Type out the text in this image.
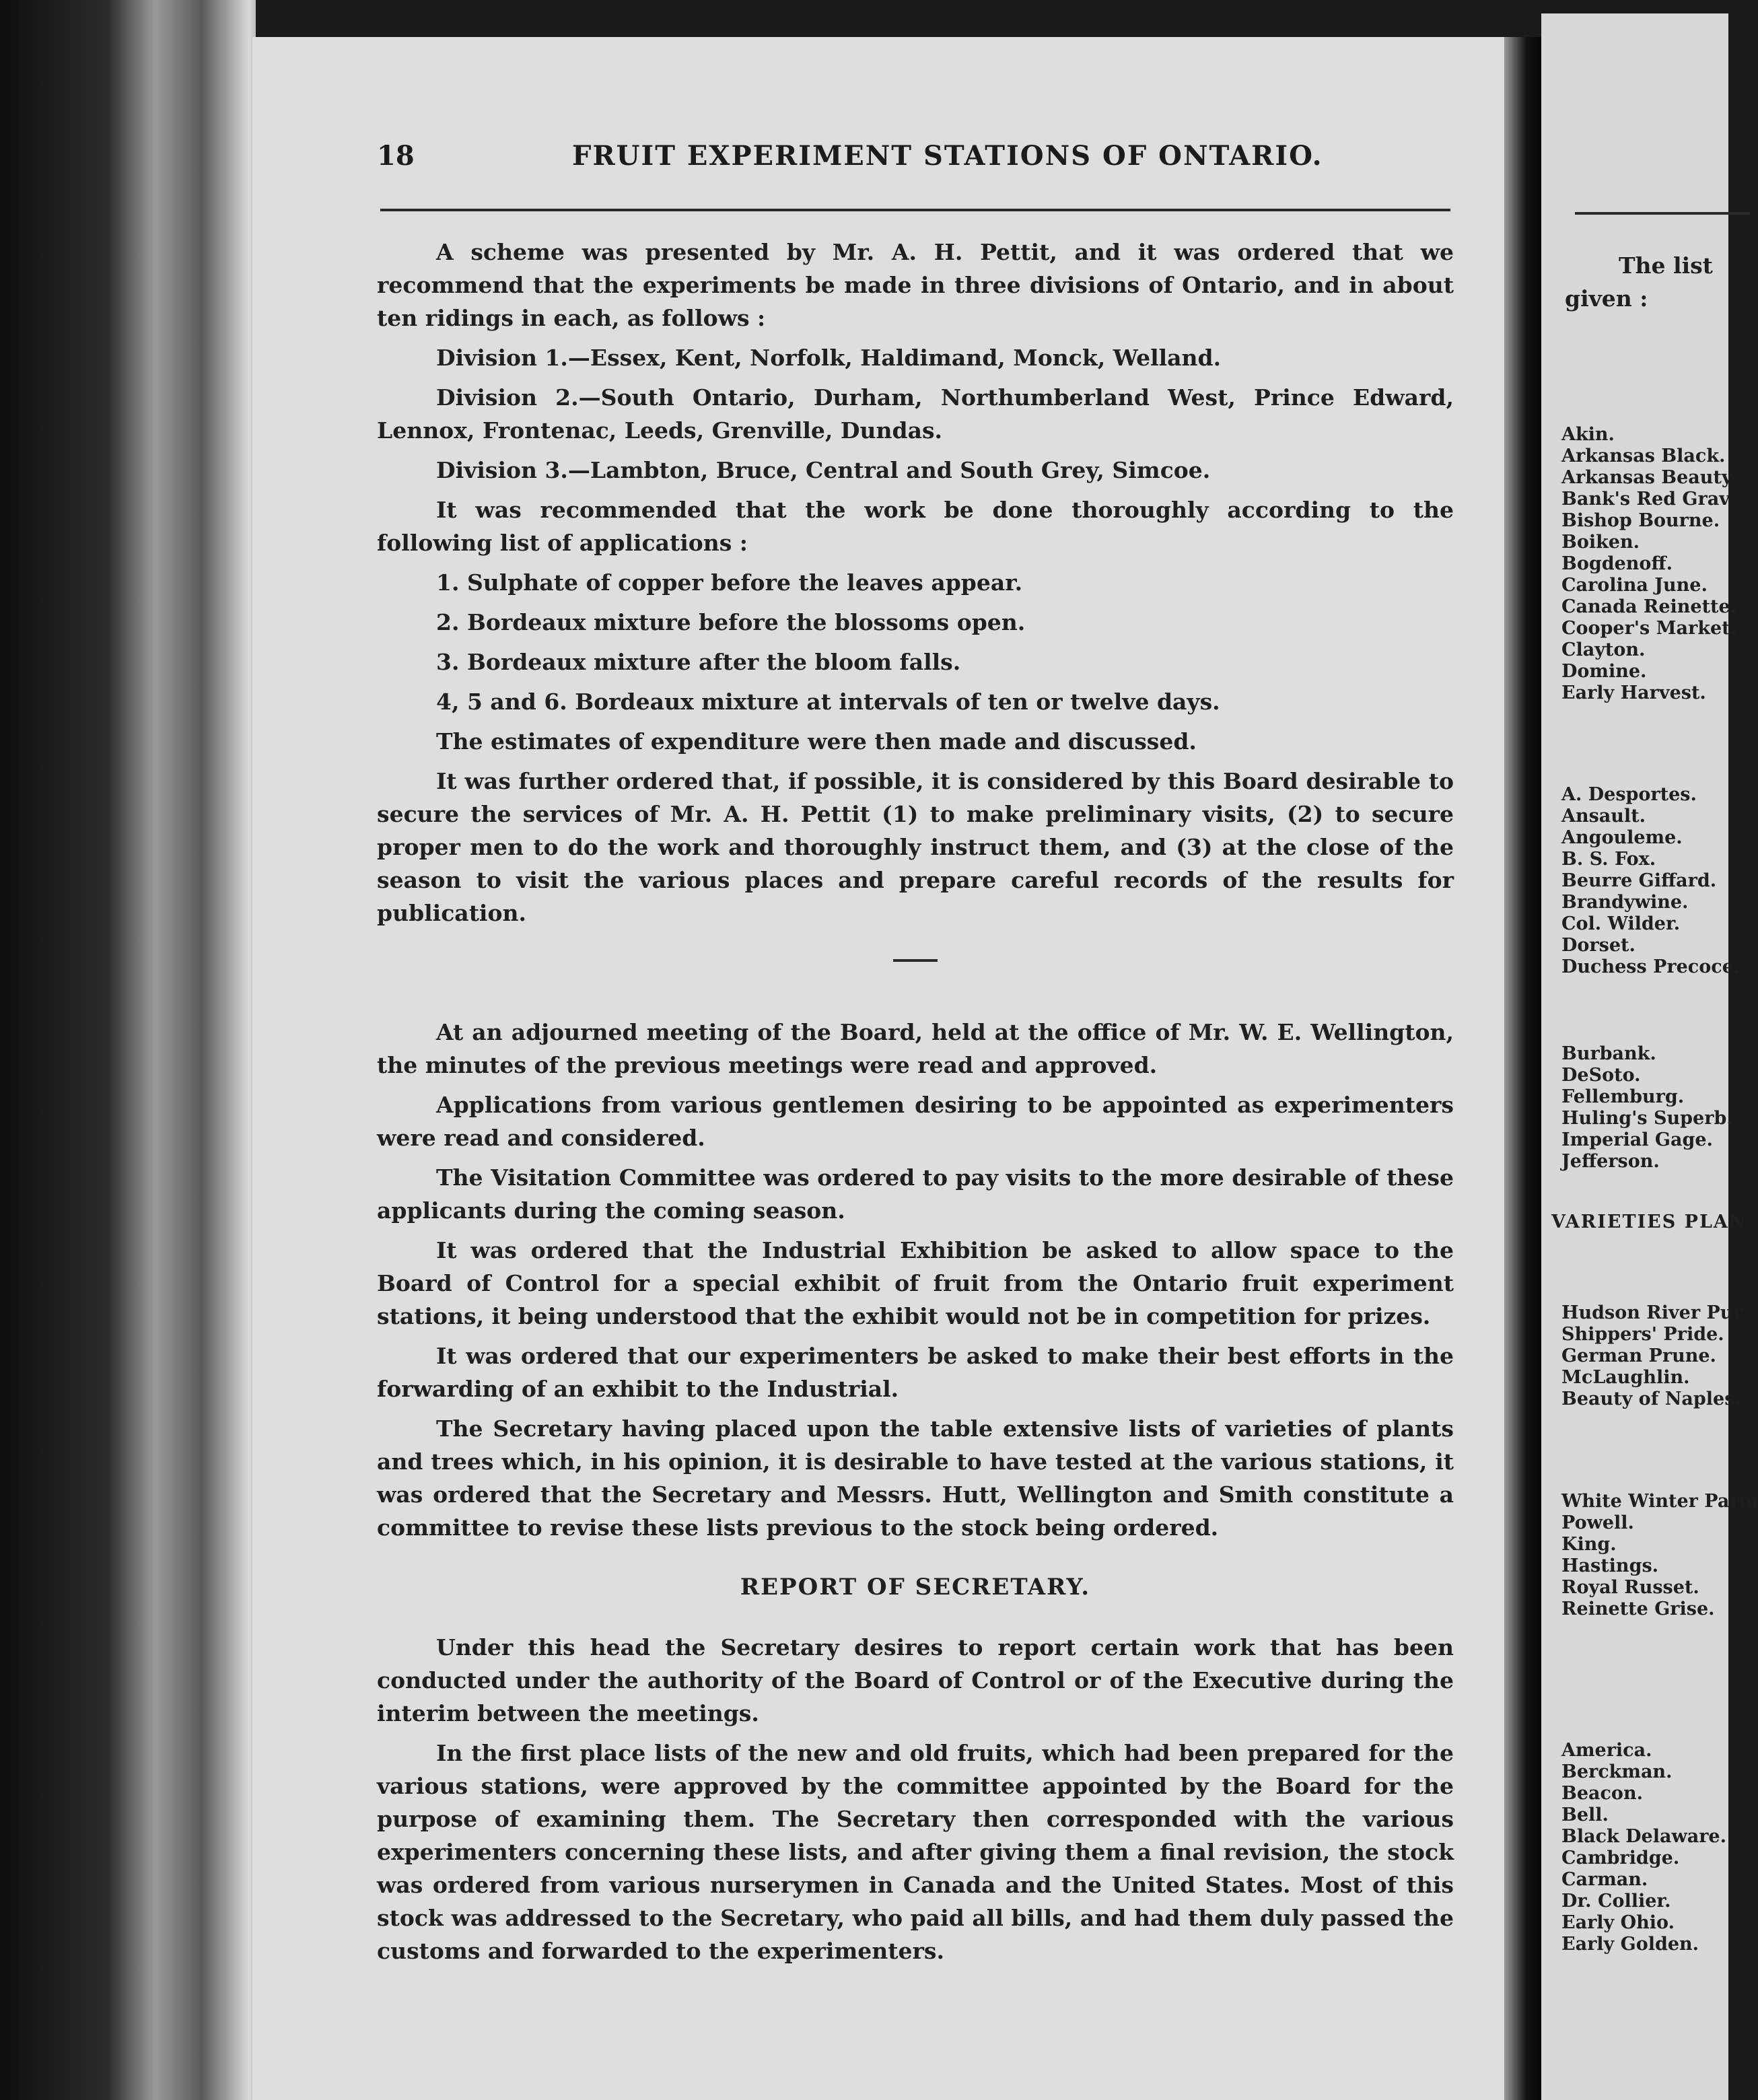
The list
given :
Akin.
Arkansas Black.
Arkansas Beauty
Bank's Red Grav
Bishop Bourne.
Boiken.
Bogdenoff.
Carolina June.
Canada Reinette.
Cooper's Market.
Clayton.
Domine.
Early Harvest.
A. Desportes.
Ansault.
Angouleme.
B. S. Fox.
Beurre Giffard.
Brandywine.
Col. Wilder.
Dorset.
Duchess Precoce.
Burbank.
DeSoto.
Fellemburg.
Huling's Superb.
Imperial Gage.
Jefferson.
VARIETIES PLAN
Hudson River Pur
Shippers' Pride.
German Prune.
McLaughlin.
Beauty of Naples.
White Winter Parm
Powell.
King.
Hastings.
Royal Russet.
Reinette Grise.
America.
Berckman.
Beacon.
Bell.
Black Delaware.
Cambridge.
Carman.
Dr. Collier.
Early Ohio.
Early Golden.
18	FRUIT EXPERIMENT STATIONS OF ONTARIO.

A scheme was presented by Mr. A. H. Pettit, and it was ordered that we recommend that the experiments be made in three divisions of Ontario, and in about ten ridings in each, as follows :

Division 1.—Essex, Kent, Norfolk, Haldimand, Monck, Welland.

Division 2.—South Ontario, Durham, Northumberland West, Prince Edward, Lennox, Frontenac, Leeds, Grenville, Dundas.

Division 3.—Lambton, Bruce, Central and South Grey, Simcoe.

It was recommended that the work be done thoroughly according to the following list of applications :

1. Sulphate of copper before the leaves appear.

2. Bordeaux mixture before the blossoms open.

3. Bordeaux mixture after the bloom falls.

4, 5 and 6. Bordeaux mixture at intervals of ten or twelve days.

The estimates of expenditure were then made and discussed.

It was further ordered that, if possible, it is considered by this Board desirable to secure the services of Mr. A. H. Pettit (1) to make preliminary visits, (2) to secure proper men to do the work and thoroughly instruct them, and (3) at the close of the season to visit the various places and prepare careful records of the results for publication.

At an adjourned meeting of the Board, held at the office of Mr. W. E. Wellington, the minutes of the previous meetings were read and approved.

Applications from various gentlemen desiring to be appointed as experimenters were read and considered.

The Visitation Committee was ordered to pay visits to the more desirable of these applicants during the coming season.

It was ordered that the Industrial Exhibition be asked to allow space to the Board of Control for a special exhibit of fruit from the Ontario fruit experiment stations, it being understood that the exhibit would not be in competition for prizes.

It was ordered that our experimenters be asked to make their best efforts in the forwarding of an exhibit to the Industrial.

The Secretary having placed upon the table extensive lists of varieties of plants and trees which, in his opinion, it is desirable to have tested at the various stations, it was ordered that the Secretary and Messrs. Hutt, Wellington and Smith constitute a committee to revise these lists previous to the stock being ordered.

REPORT OF SECRETARY.

Under this head the Secretary desires to report certain work that has been conducted under the authority of the Board of Control or of the Executive during the interim between the meetings.

In the first place lists of the new and old fruits, which had been prepared for the various stations, were approved by the committee appointed by the Board for the purpose of examining them. The Secretary then corresponded with the various experimenters concerning these lists, and after giving them a final revision, the stock was ordered from various nurserymen in Canada and the United States. Most of this stock was addressed to the Secretary, who paid all bills, and had them duly passed the customs and forwarded to the experimenters.
